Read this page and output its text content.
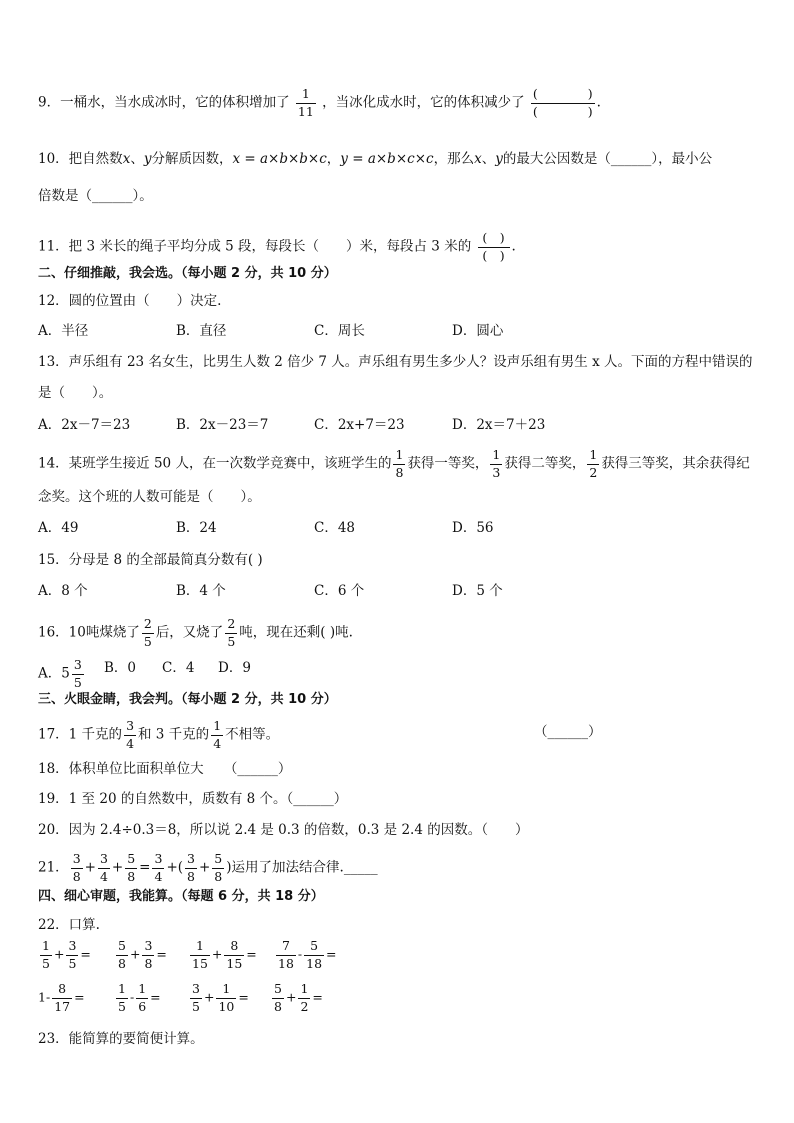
9．一桶水，当水成冰时，它的体积增加了 $\frac{1}{11}$ ，当冰化成水时，它的体积减少了 $\frac{( )}{( )}$ .
10．把自然数x、y分解质因数，x = a×b×b×c，y = a×b×c×c，那么x、y的最大公因数是（______），最小公
倍数是（______）。
11．把 3 米长的绳子平均分成 5 段，每段长（　　）米，每段占 3 米的 $\frac{( )}{( )}$ .
二、仔细推敲，我会选。（每小题 2 分，共 10 分）
12．圆的位置由（　　）决定.
A．半径	B．直径	C．周长	D．圆心
13．声乐组有 23 名女生，比男生人数 2 倍少 7 人。声乐组有男生多少人？设声乐组有男生 x 人。下面的方程中错误的
是（　　）。
A．2x－7＝23	B．2x－23＝7	C．2x+7＝23	D．2x＝7＋23
14．某班学生接近 50 人，在一次数学竞赛中，该班学生的 $\frac{1}{8}$ 获得一等奖， $\frac{1}{3}$ 获得二等奖， $\frac{1}{2}$ 获得三等奖，其余获得纪
念奖。这个班的人数可能是（　　）。
A．49	B．24	C．48	D．56
15．分母是 8 的全部最简真分数有( )
A．8 个	B．4 个	C．6 个	D．5 个
16．10吨煤烧了 $\frac{2}{5}$ 后，又烧了 $\frac{2}{5}$ 吨，现在还剩( )吨.
A．$5 \frac{3}{5}$ B．0 C．4 D．9
三、火眼金睛，我会判。（每小题 2 分，共 10 分）
17．1 千克的 $\frac{3}{4}$ 和 3 千克的 $\frac{1}{4}$ 不相等。	（______）
18．体积单位比面积单位大　　（______）
19．1 至 20 的自然数中，质数有 8 个。（______）
20．因为 2.4÷0.3＝8，所以说 2.4 是 0.3 的倍数，0.3 是 2.4 的因数。（　　）
21． $\frac{3}{8} + \frac{3}{4} + \frac{5}{8} = \frac{3}{4}$ +( $\frac{3}{8} + \frac{5}{8}$ )运用了加法结合律._____
四、细心审题，我能算。（每题 6 分，共 18 分）
22．口算.
$\frac{1}{5} + \frac{3}{5} = \frac{5}{8} + \frac{3}{8} = \frac{1}{15} + \frac{8}{15} = \frac{7}{18} - \frac{5}{18}$ =
$1- \frac{8}{17}$ =	$\frac{1}{5} - \frac{1}{6} = \frac{3}{5} + \frac{1}{10} = \frac{5}{8} + \frac{1}{2}$ =
23．能简算的要简便计算。
